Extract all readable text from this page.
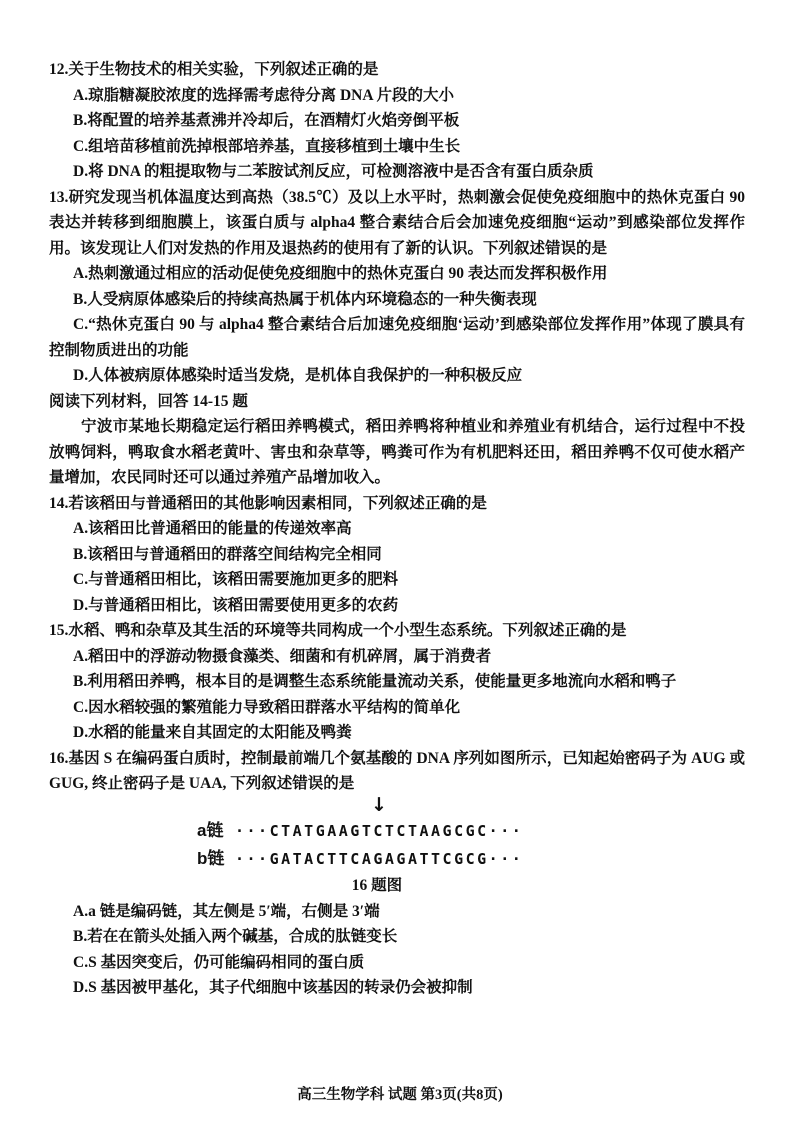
12.关于生物技术的相关实验，下列叙述正确的是

A.琼脂糖凝胶浓度的选择需考虑待分离 DNA 片段的大小

B.将配置的培养基煮沸并冷却后，在酒精灯火焰旁倒平板

C.组培苗移植前洗掉根部培养基，直接移植到土壤中生长

D.将 DNA 的粗提取物与二苯胺试剂反应，可检测溶液中是否含有蛋白质杂质

13.研究发现当机体温度达到高热（38.5℃）及以上水平时，热刺激会促使免疫细胞中的热休克蛋白 90 表达并转移到细胞膜上，该蛋白质与 alpha4 整合素结合后会加速免疫细胞“运动”到感染部位发挥作用。该发现让人们对发热的作用及退热药的使用有了新的认识。下列叙述错误的是

A.热刺激通过相应的活动促使免疫细胞中的热休克蛋白 90 表达而发挥积极作用

B.人受病原体感染后的持续高热属于机体内环境稳态的一种失衡表现

C.“热休克蛋白 90 与 alpha4 整合素结合后加速免疫细胞‘运动’到感染部位发挥作用”体现了膜具有控制物质进出的功能

D.人体被病原体感染时适当发烧，是机体自我保护的一种积极反应

阅读下列材料，回答 14-15 题

宁波市某地长期稳定运行稻田养鸭模式，稻田养鸭将种植业和养殖业有机结合，运行过程中不投放鸭饲料，鸭取食水稻老黄叶、害虫和杂草等，鸭粪可作为有机肥料还田，稻田养鸭不仅可使水稻产量增加，农民同时还可以通过养殖产品增加收入。

14.若该稻田与普通稻田的其他影响因素相同，下列叙述正确的是

A.该稻田比普通稻田的能量的传递效率高

B.该稻田与普通稻田的群落空间结构完全相同

C.与普通稻田相比，该稻田需要施加更多的肥料

D.与普通稻田相比，该稻田需要使用更多的农药

15.水稻、鸭和杂草及其生活的环境等共同构成一个小型生态系统。下列叙述正确的是

A.稻田中的浮游动物摄食藻类、细菌和有机碎屑，属于消费者

B.利用稻田养鸭，根本目的是调整生态系统能量流动关系，使能量更多地流向水稻和鸭子

C.因水稻较强的繁殖能力导致稻田群落水平结构的简单化

D.水稻的能量来自其固定的太阳能及鸭粪

16.基因 S 在编码蛋白质时，控制最前端几个氨基酸的 DNA 序列如图所示，已知起始密码子为 AUG 或 GUG, 终止密码子是 UAA, 下列叙述错误的是

↓
a链 ···CTATGAAGTCTCTAAGCGC···
b链 ···GATACTTCAGAGATTCGCG···
16 题图

A.a 链是编码链，其左侧是 5′端，右侧是 3′端

B.若在在箭头处插入两个碱基，合成的肽链变长

C.S 基因突变后，仍可能编码相同的蛋白质

D.S 基因被甲基化，其子代细胞中该基因的转录仍会被抑制

高三生物学科 试题 第3页(共8页)
